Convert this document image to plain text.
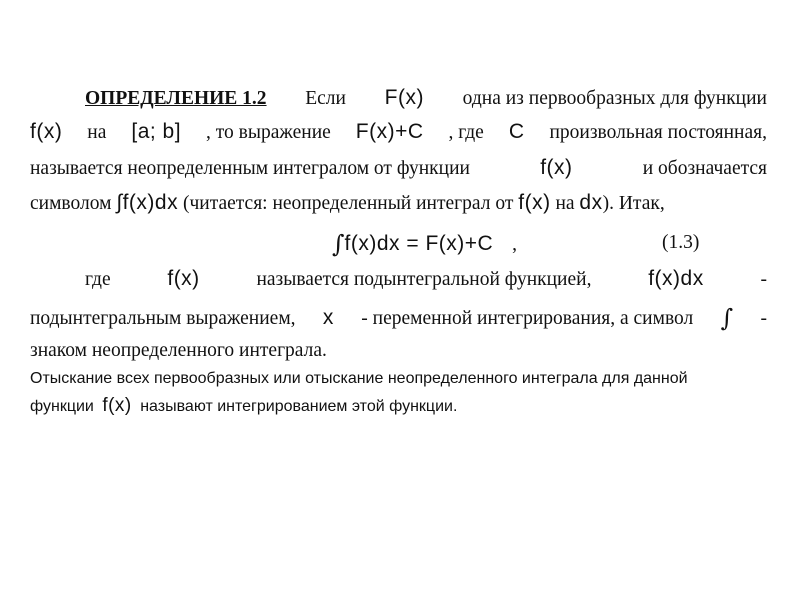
ОПРЕДЕЛЕНИЕ 1.2 Если F(x) одна из первообразных для функции
f(x) на [a; b] , то выражение F(x)+C , где C произвольная постоянная,
называется неопределенным интегралом от функции	f(x)	и обозначается
символом ∫f(x)dx (читается: неопределенный интеграл от f(x) на dx). Итак,
∫f(x)dx = F(x)+C ,	(1.3)
где	f(x)	называется подынтегральной функцией,	f(x)dx	-
подынтегральным выражением, x - переменной интегрирования, а символ ∫ -
знаком неопределенного интеграла.
Отыскание всех первообразных или отыскание неопределенного интеграла для данной
функции f(x) называют интегрированием этой функции.
